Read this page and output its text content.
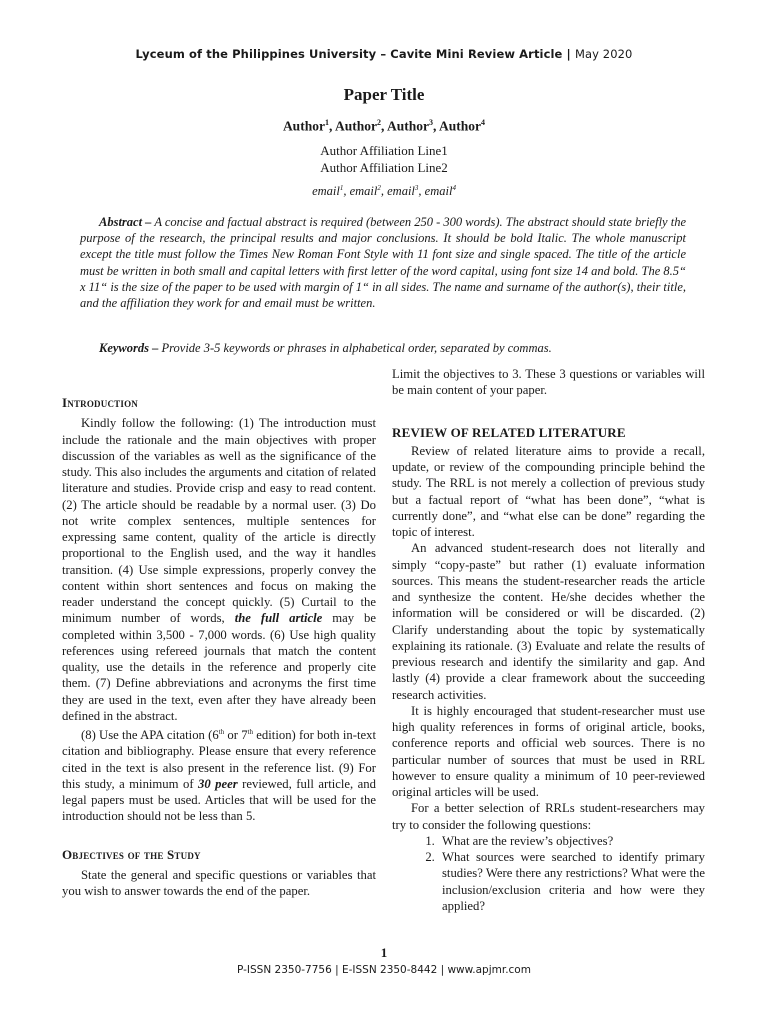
Lyceum of the Philippines University – Cavite Mini Review Article | May 2020
Paper Title
Author$^1$, Author$^2$, Author$^3$, Author$^4$
Author Affiliation Line1
Author Affiliation Line2
email$^1$, email$^2$, email$^3$, email$^4$

Abstract – A concise and factual abstract is required (between 250 - 300 words). The abstract should state briefly the purpose of the research, the principal results and major conclusions. It should be bold Italic. The whole manuscript except the title must follow the Times New Roman Font Style with 11 font size and single spaced. The title of the article must be written in both small and capital letters with first letter of the word capital, using font size 14 and bold. The 8.5“ x 11“ is the size of the paper to be used with margin of 1“ in all sides. The name and surname of the author(s), their title, and the affiliation they work for and email must be written.

Keywords – Provide 3-5 keywords or phrases in alphabetical order, separated by commas.

Introduction

Kindly follow the following: (1) The introduction must include the rationale and the main objectives with proper discussion of the variables as well as the significance of the study. This also includes the arguments and citation of related literature and studies. Provide crisp and easy to read content. (2) The article should be readable by a normal user. (3) Do not write complex sentences, multiple sentences for expressing same content, quality of the article is directly proportional to the English used, and the way it handles transition. (4) Use simple expressions, properly convey the content within short sentences and focus on making the reader understand the concept quickly. (5) Curtail to the minimum number of words, the full article may be completed within 3,500 - 7,000 words. (6) Use high quality references using refereed journals that match the content quality, use the details in the reference and properly cite them. (7) Define abbreviations and acronyms the first time they are used in the text, even after they have already been defined in the abstract.

(8) Use the APA citation (6th or 7th edition) for both in-text citation and bibliography. Please ensure that every reference cited in the text is also present in the reference list. (9) For this study, a minimum of 30 peer reviewed, full article, and legal papers must be used. Articles that will be used for the introduction should not be less than 5.

Objectives of the Study

State the general and specific questions or variables that you wish to answer towards the end of the paper.

Limit the objectives to 3. These 3 questions or variables will be main content of your paper.

REVIEW OF RELATED LITERATURE

Review of related literature aims to provide a recall, update, or review of the compounding principle behind the study. The RRL is not merely a collection of previous study but a factual report of “what has been done”, “what is currently done”, and “what else can be done” regarding the topic of interest.

An advanced student-research does not literally and simply “copy-paste” but rather (1) evaluate information sources. This means the student-researcher reads the article and synthesize the content. He/she decides whether the information will be considered or will be discarded. (2) Clarify understanding about the topic by systematically explaining its rationale. (3) Evaluate and relate the results of previous research and identify the similarity and gap. And lastly (4) provide a clear framework about the succeeding research activities.

It is highly encouraged that student-researcher must use high quality references in forms of original article, books, conference reports and official web sources. There is no particular number of sources that must be used in RRL however to ensure quality a minimum of 10 peer-reviewed original articles will be used.

For a better selection of RRLs student-researchers may try to consider the following questions:

1. What are the review’s objectives?
2. What sources were searched to identify primary studies? Were there any restrictions? What were the inclusion/exclusion criteria and how were they applied?
1
P-ISSN 2350-7756 | E-ISSN 2350-8442 | www.apjmr.com
